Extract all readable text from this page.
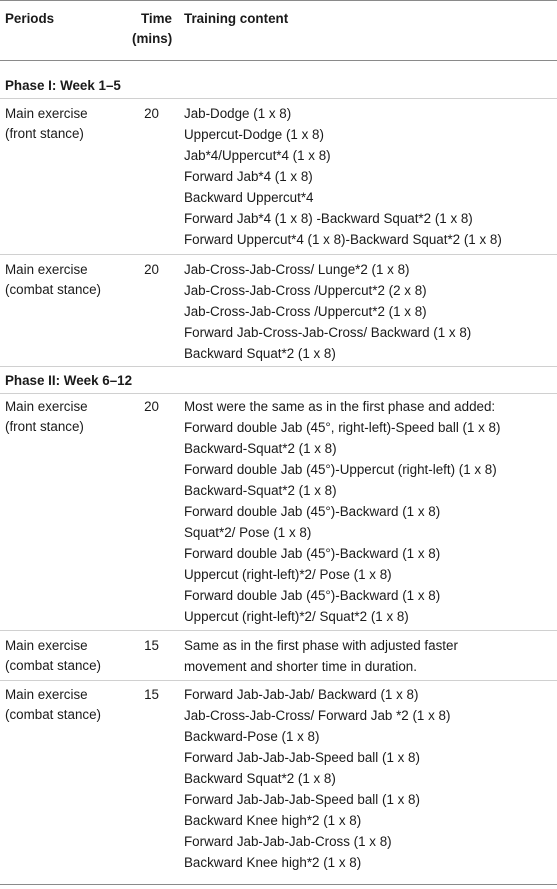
Periods	Time
(mins)
Training content
Phase I: Week 1–5
Main exercise
(front stance)
20 Jab-Dodge (1 x 8)
Uppercut-Dodge (1 x 8)
Jab*4/Uppercut*4 (1 x 8)
Forward Jab*4 (1 x 8)
Backward Uppercut*4
Forward Jab*4 (1 x 8) -Backward Squat*2 (1 x 8)
Forward Uppercut*4 (1 x 8)-Backward Squat*2 (1 x 8)
Main exercise
(combat stance)
20 Jab-Cross-Jab-Cross/ Lunge*2 (1 x 8)
Jab-Cross-Jab-Cross /Uppercut*2 (2 x 8)
Jab-Cross-Jab-Cross /Uppercut*2 (1 x 8)
Forward Jab-Cross-Jab-Cross/ Backward (1 x 8)
Backward Squat*2 (1 x 8)
Phase II: Week 6–12
Main exercise
(front stance)
20 Most were the same as in the first phase and added:
Forward double Jab (45°, right-left)-Speed ball (1 x 8)
Backward-Squat*2 (1 x 8)
Forward double Jab (45°)-Uppercut (right-left) (1 x 8)
Backward-Squat*2 (1 x 8)
Forward double Jab (45°)-Backward (1 x 8)
Squat*2/ Pose (1 x 8)
Forward double Jab (45°)-Backward (1 x 8)
Uppercut (right-left)*2/ Pose (1 x 8)
Forward double Jab (45°)-Backward (1 x 8)
Uppercut (right-left)*2/ Squat*2 (1 x 8)
Main exercise
(combat stance)
15 Same as in the first phase with adjusted faster
movement and shorter time in duration.
Main exercise
(combat stance)
15 Forward Jab-Jab-Jab/ Backward (1 x 8)
Jab-Cross-Jab-Cross/ Forward Jab *2 (1 x 8)
Backward-Pose (1 x 8)
Forward Jab-Jab-Jab-Speed ball (1 x 8)
Backward Squat*2 (1 x 8)
Forward Jab-Jab-Jab-Speed ball (1 x 8)
Backward Knee high*2 (1 x 8)
Forward Jab-Jab-Jab-Cross (1 x 8)
Backward Knee high*2 (1 x 8)
